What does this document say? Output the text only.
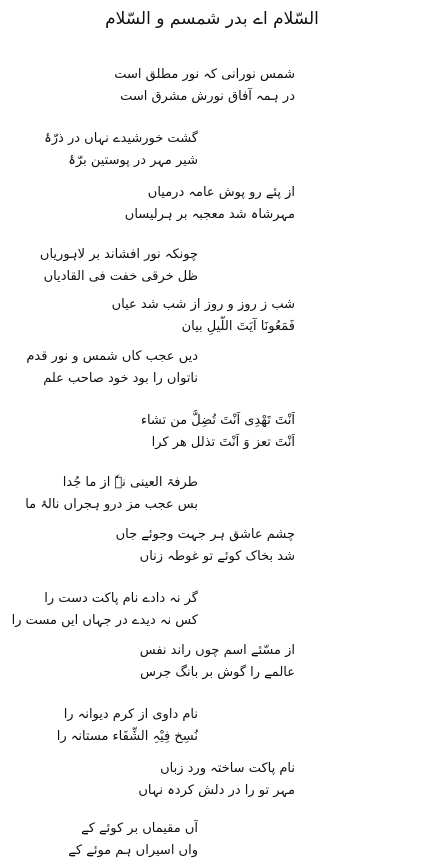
السّلام اے بدر شمسم و السّلام
شمس نورانی کہ نور مطلق است
در ہمہ آفاق نورش مشرق است
گشت خورشیدے نہاں در ذرّۂ
شیر مہر در پوستین برّۂ
از پئے رو پوش عامہ درمیاں
مہرشاہ شد معجبہ بر ہرلیساں
چونکہ نور افشاند بر لاہوریاں
ظل خرقی خفت فی القادیاں
شب ز روز و روز از شب شد عیاں
فَمَعُونَا آیَتَ اللَّیلِ بیان
دیں عجب کاں شمس و نور قدم
ناتواں را بود خود صاحب علم
اَنْتَ تَهْدِی اَنْتَ تُضِلُّ من تشاء
اَنْتَ تعز وَ اَنْتَ تذلل هر کرا
طرفۃ العینی نہٗ از ما جُدا
بس عجب مز درو ہجراں نالۂ ما
چشم عاشق ہر جہت وجوئے جاں
شد بخاک کوئے تو غوطہ زناں
گر نہ دادے نام پاکت دست را
کس نہ دیدے در جہاں ایں مست را
از مسّئے اسم چوں راند نفس
عالمے را گوش بر بانگ جرس
نام داوی از کرم دیوانہ را
نُسِخ فِیْہِ الشِّفَاء مستانہ را
نام پاکت ساختہ ورد زباں
مہر تو را در دلش کردہ نہاں
آں مقیماں بر کوئے کے
واں اسیراں ہم موئے کے
